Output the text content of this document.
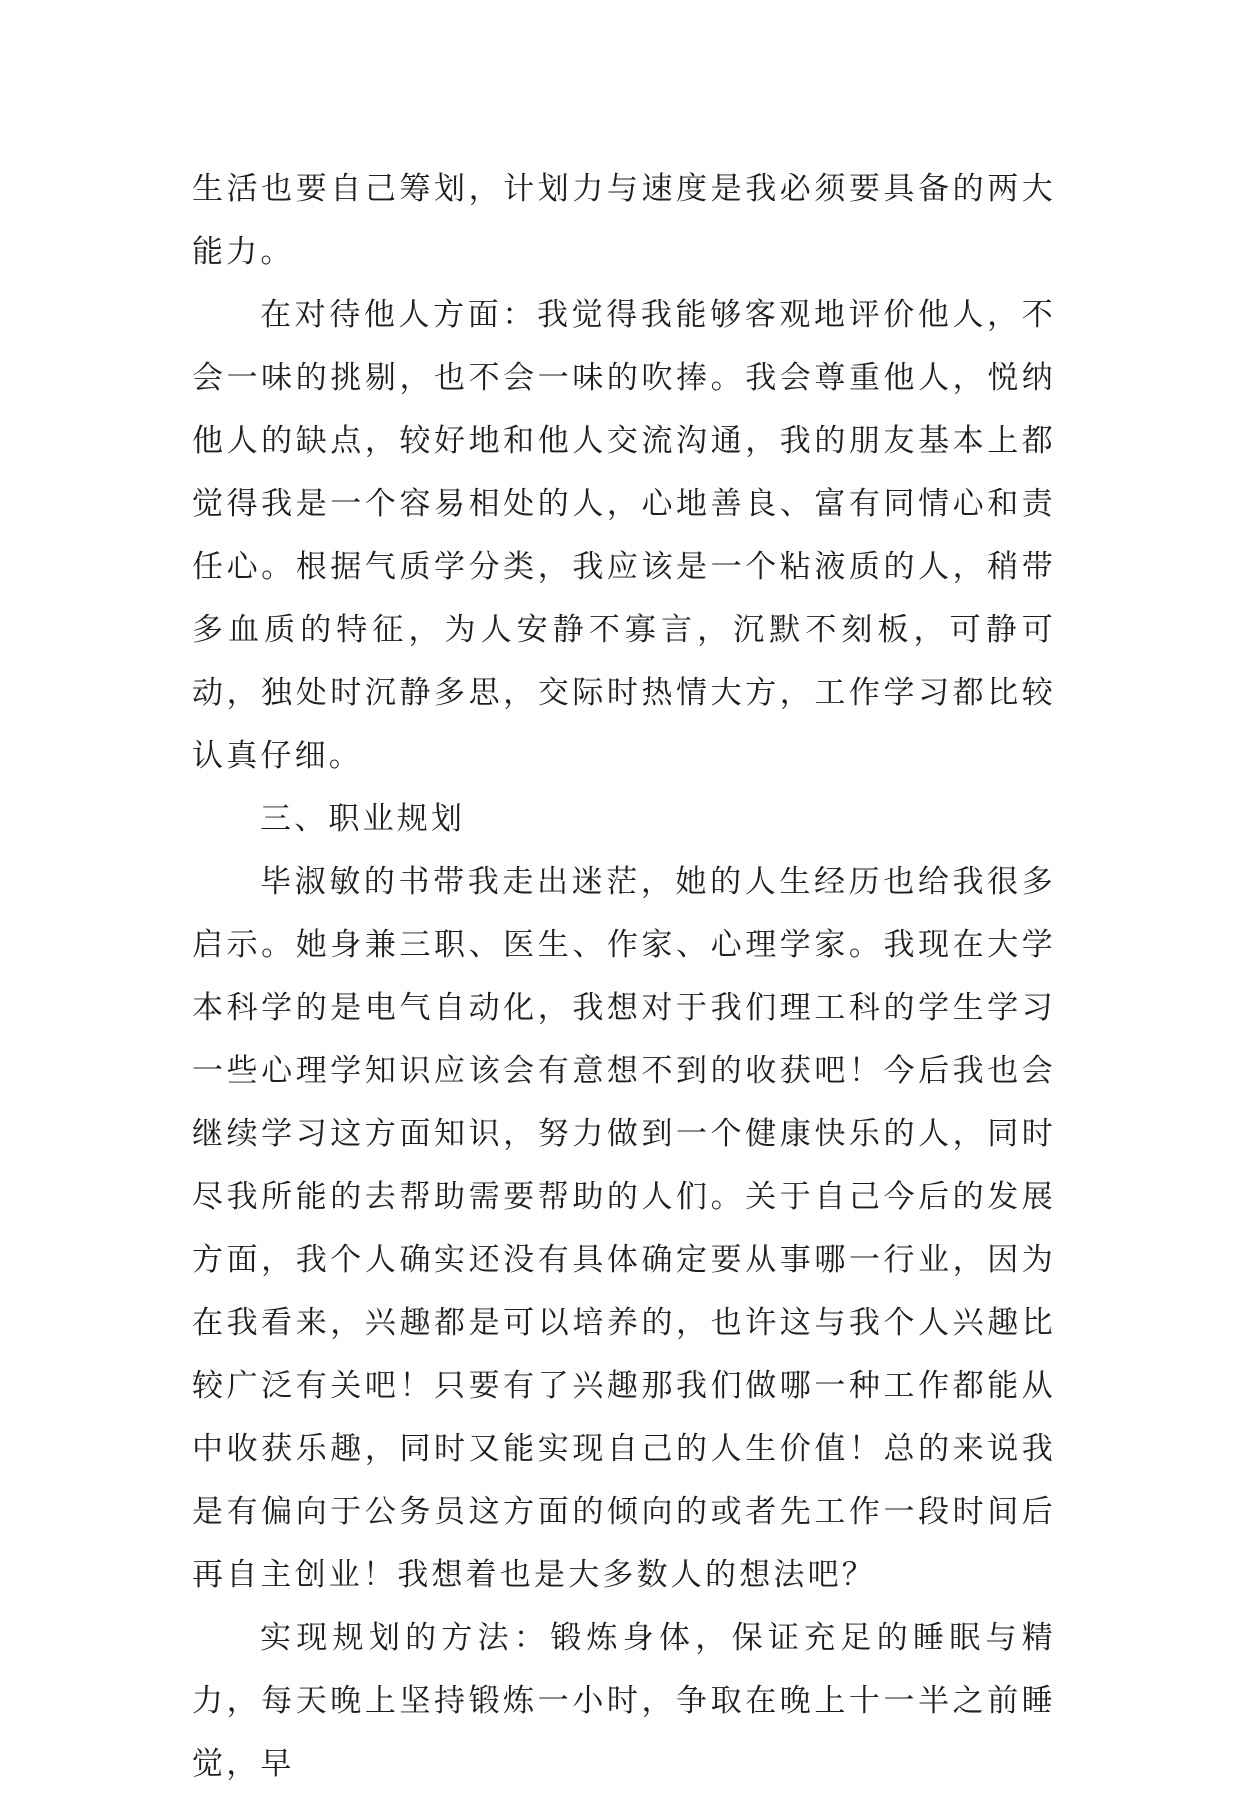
生活也要自己筹划，计划力与速度是我必须要具备的两大能力。

在对待他人方面：我觉得我能够客观地评价他人，不会一味的挑剔，也不会一味的吹捧。我会尊重他人，悦纳他人的缺点，较好地和他人交流沟通，我的朋友基本上都觉得我是一个容易相处的人，心地善良、富有同情心和责任心。根据气质学分类，我应该是一个粘液质的人，稍带多血质的特征，为人安静不寡言，沉默不刻板，可静可动，独处时沉静多思，交际时热情大方，工作学习都比较认真仔细。

三、职业规划

毕淑敏的书带我走出迷茫，她的人生经历也给我很多启示。她身兼三职、医生、作家、心理学家。我现在大学本科学的是电气自动化，我想对于我们理工科的学生学习一些心理学知识应该会有意想不到的收获吧！今后我也会继续学习这方面知识，努力做到一个健康快乐的人，同时尽我所能的去帮助需要帮助的人们。关于自己今后的发展方面，我个人确实还没有具体确定要从事哪一行业，因为在我看来，兴趣都是可以培养的，也许这与我个人兴趣比较广泛有关吧！只要有了兴趣那我们做哪一种工作都能从中收获乐趣，同时又能实现自己的人生价值！总的来说我是有偏向于公务员这方面的倾向的或者先工作一段时间后再自主创业！我想着也是大多数人的想法吧？

实现规划的方法：锻炼身体，保证充足的睡眠与精力，每天晚上坚持锻炼一小时，争取在晚上十一半之前睡觉，早
